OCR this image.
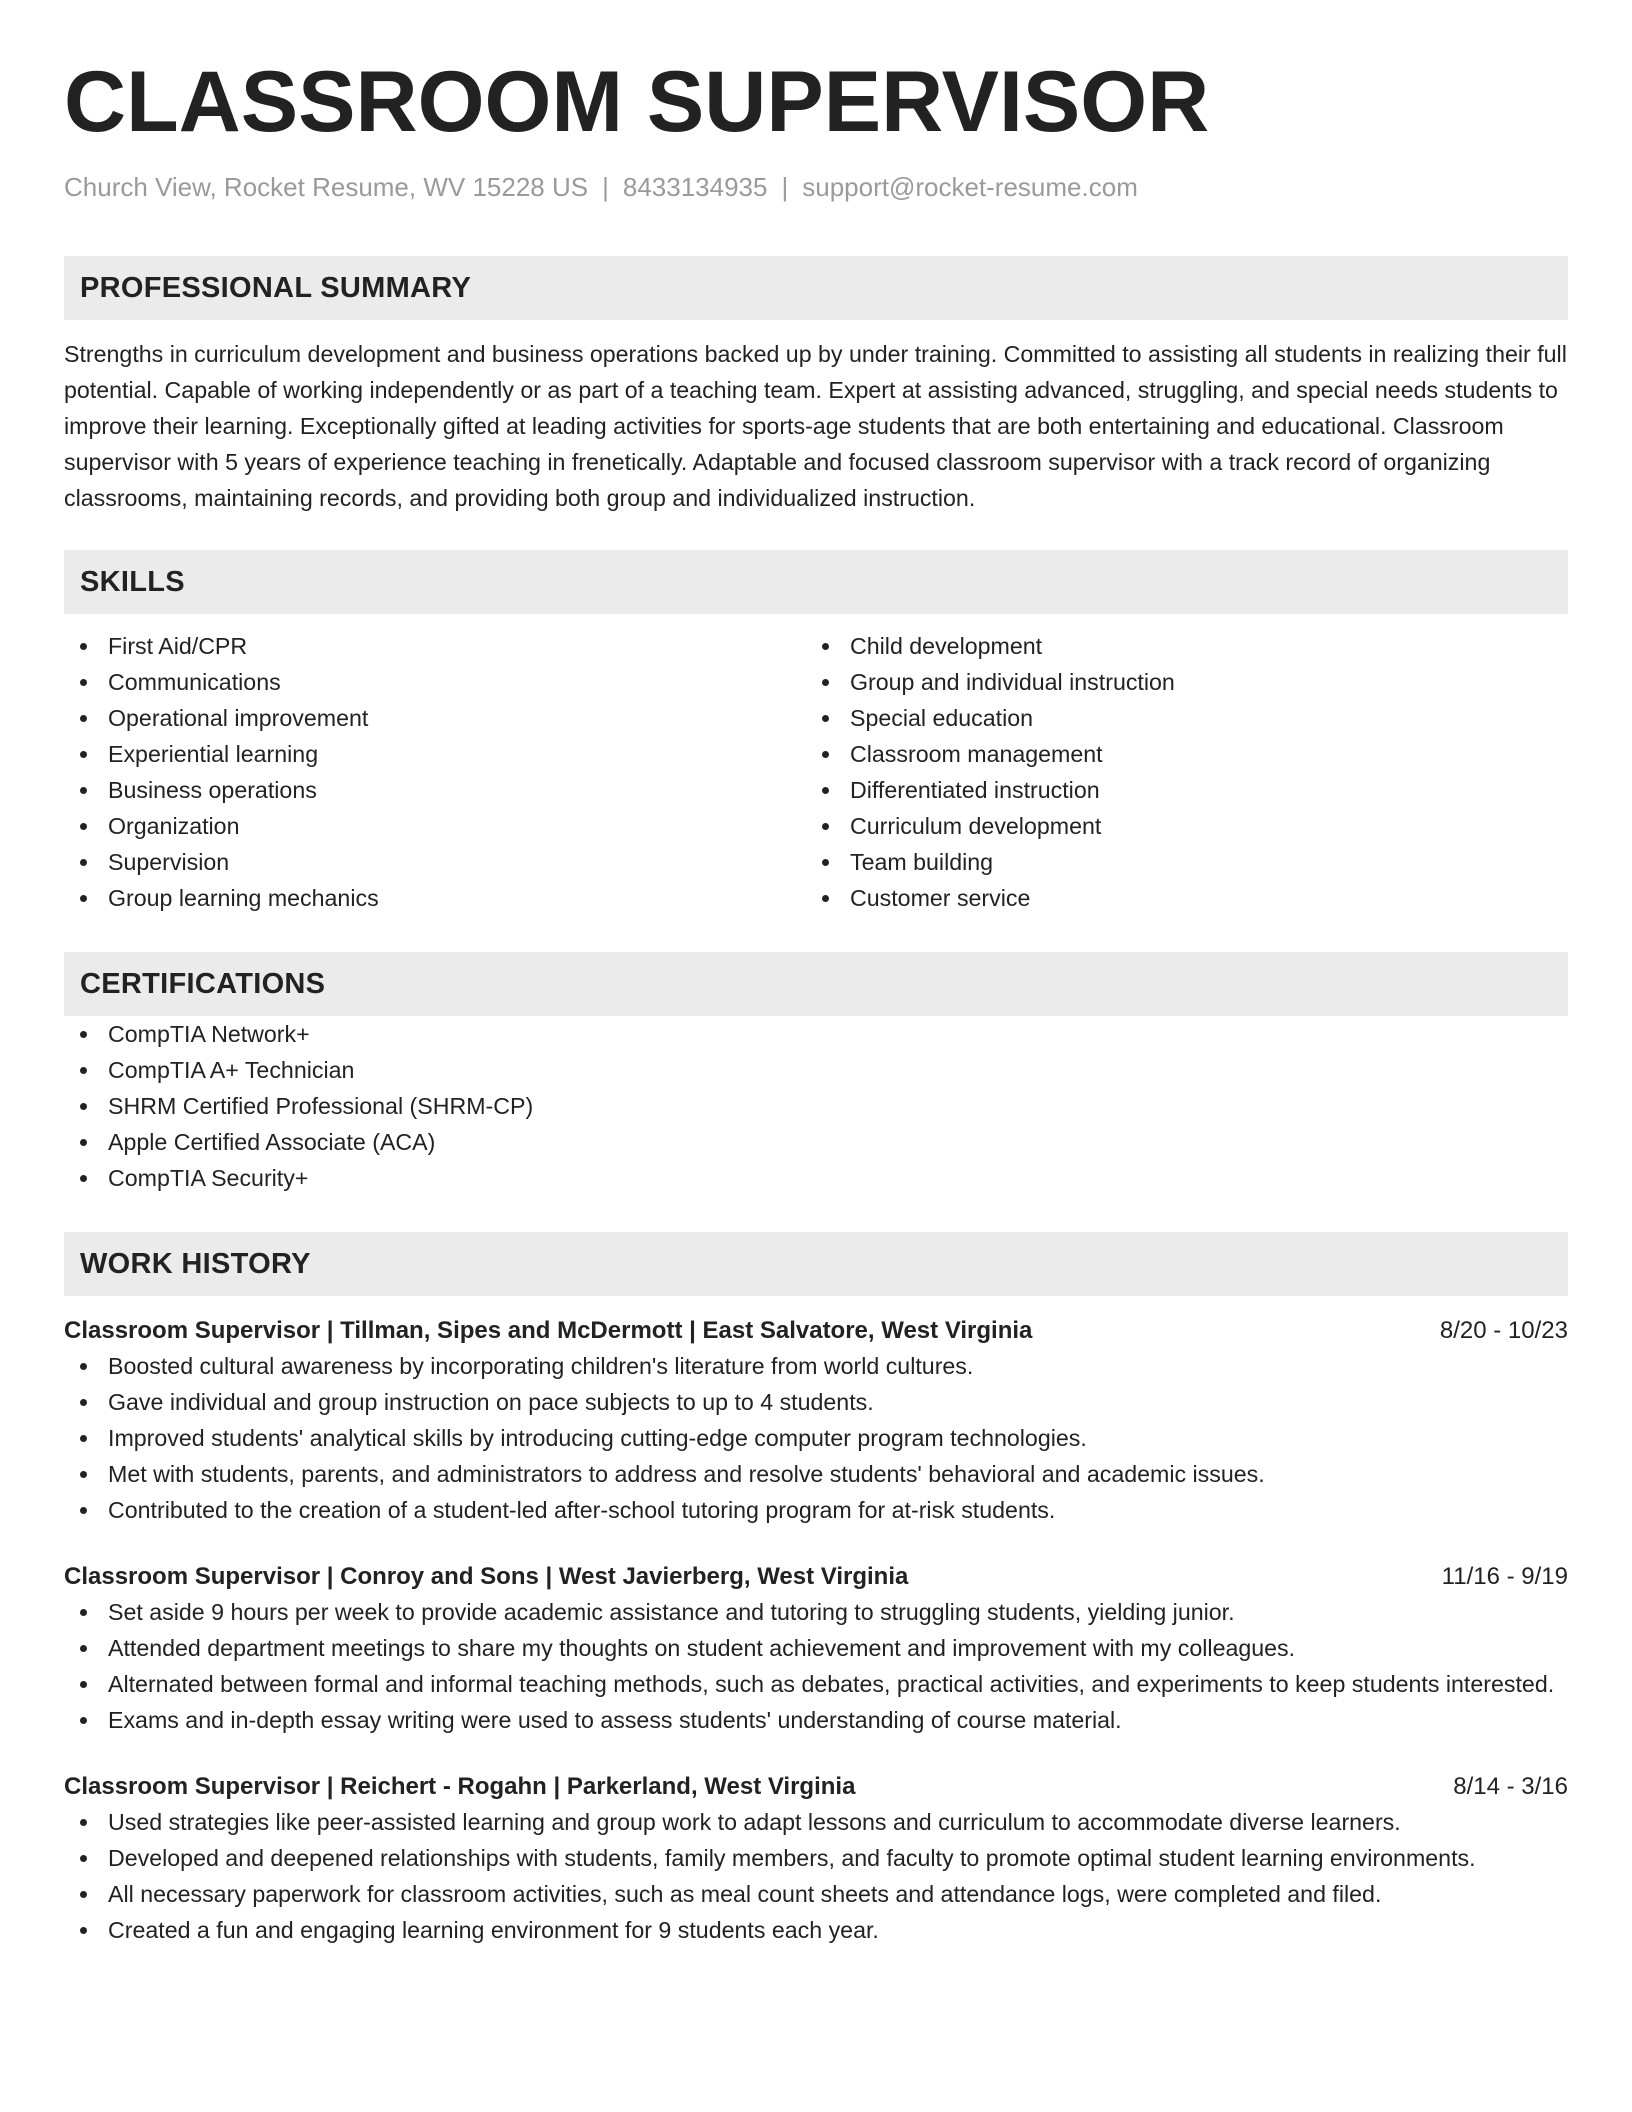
CLASSROOM SUPERVISOR
Church View, Rocket Resume, WV 15228 US | 8433134935 | support@rocket-resume.com
PROFESSIONAL SUMMARY

Strengths in curriculum development and business operations backed up by under training. Committed to assisting all students in realizing their full potential. Capable of working independently or as part of a teaching team. Expert at assisting advanced, struggling, and special needs students to improve their learning. Exceptionally gifted at leading activities for sports-age students that are both entertaining and educational. Classroom supervisor with 5 years of experience teaching in frenetically. Adaptable and focused classroom supervisor with a track record of organizing classrooms, maintaining records, and providing both group and individualized instruction.

SKILLS
First Aid/CPR
Communications
Operational improvement
Experiential learning
Business operations
Organization
Supervision
Group learning mechanics
Child development
Group and individual instruction
Special education
Classroom management
Differentiated instruction
Curriculum development
Team building
Customer service
CERTIFICATIONS
CompTIA Network+
CompTIA A+ Technician
SHRM Certified Professional (SHRM-CP)
Apple Certified Associate (ACA)
CompTIA Security+
WORK HISTORY
Classroom Supervisor | Tillman, Sipes and McDermott | East Salvatore, West Virginia	8/20 - 10/23
Boosted cultural awareness by incorporating children's literature from world cultures.
Gave individual and group instruction on pace subjects to up to 4 students.
Improved students' analytical skills by introducing cutting-edge computer program technologies.
Met with students, parents, and administrators to address and resolve students' behavioral and academic issues.
Contributed to the creation of a student-led after-school tutoring program for at-risk students.
Classroom Supervisor | Conroy and Sons | West Javierberg, West Virginia	11/16 - 9/19
Set aside 9 hours per week to provide academic assistance and tutoring to struggling students, yielding junior.
Attended department meetings to share my thoughts on student achievement and improvement with my colleagues.
Alternated between formal and informal teaching methods, such as debates, practical activities, and experiments to keep students interested.
Exams and in-depth essay writing were used to assess students' understanding of course material.
Classroom Supervisor | Reichert - Rogahn | Parkerland, West Virginia	8/14 - 3/16
Used strategies like peer-assisted learning and group work to adapt lessons and curriculum to accommodate diverse learners.
Developed and deepened relationships with students, family members, and faculty to promote optimal student learning environments.
All necessary paperwork for classroom activities, such as meal count sheets and attendance logs, were completed and filed.
Created a fun and engaging learning environment for 9 students each year.
